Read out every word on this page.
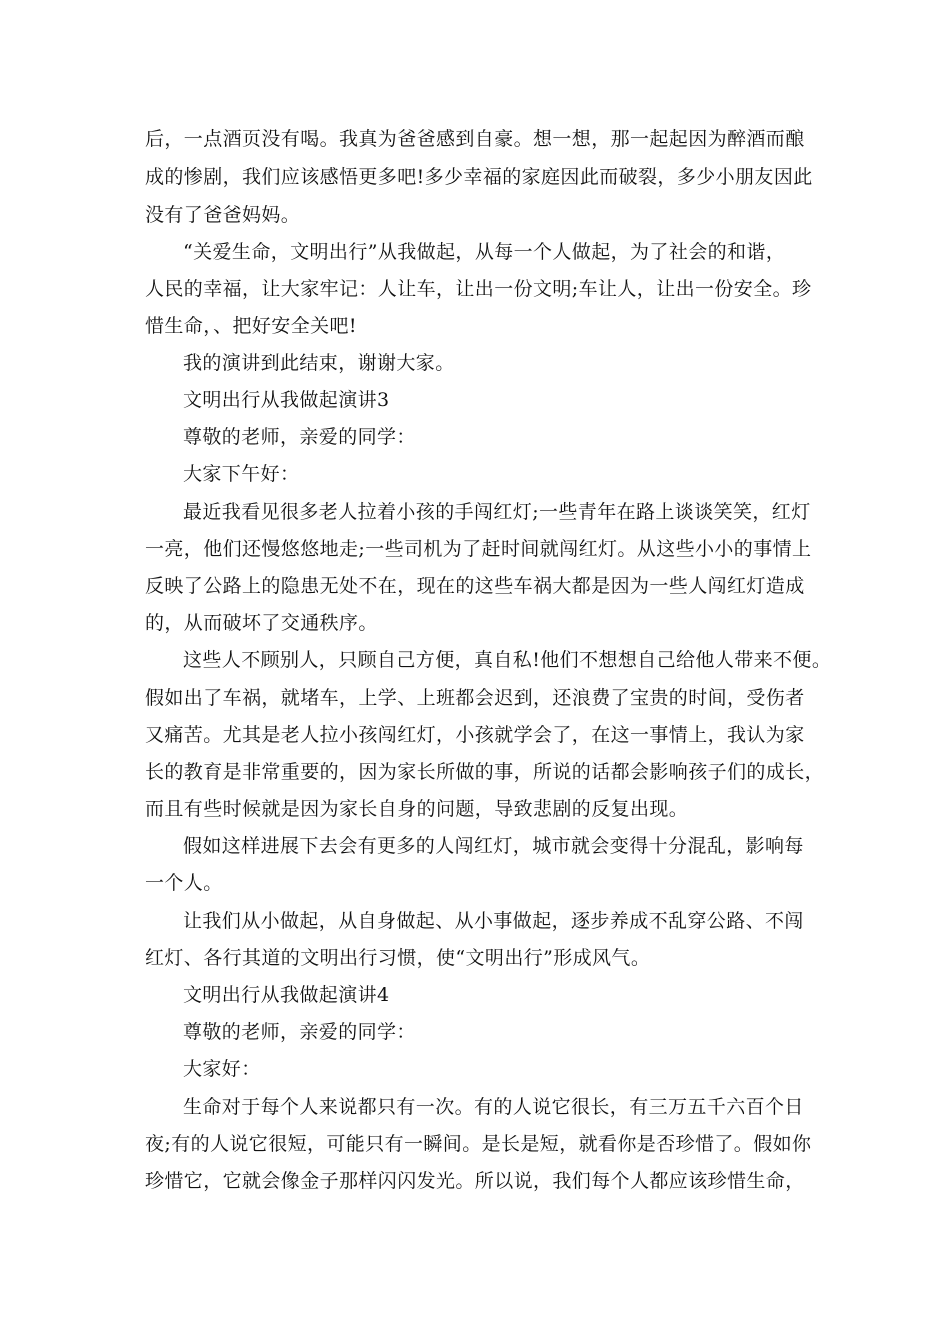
后，一点酒页没有喝。我真为爸爸感到自豪。想一想，那一起起因为醉酒而酿
成的惨剧，我们应该感悟更多吧!多少幸福的家庭因此而破裂，多少小朋友因此
没有了爸爸妈妈。
“关爱生命，文明出行”从我做起，从每一个人做起，为了社会的和谐，
人民的幸福，让大家牢记：人让车，让出一份文明;车让人，让出一份安全。珍
惜生命，、把好安全关吧!
我的演讲到此结束，谢谢大家。
文明出行从我做起演讲3
尊敬的老师，亲爱的同学：
大家下午好：
最近我看见很多老人拉着小孩的手闯红灯;一些青年在路上谈谈笑笑，红灯
一亮，他们还慢悠悠地走;一些司机为了赶时间就闯红灯。从这些小小的事情上
反映了公路上的隐患无处不在，现在的这些车祸大都是因为一些人闯红灯造成
的，从而破坏了交通秩序。
这些人不顾别人，只顾自己方便，真自私!他们不想想自己给他人带来不便。
假如出了车祸，就堵车，上学、上班都会迟到，还浪费了宝贵的时间，受伤者
又痛苦。尤其是老人拉小孩闯红灯，小孩就学会了，在这一事情上，我认为家
长的教育是非常重要的，因为家长所做的事，所说的话都会影响孩子们的成长，
而且有些时候就是因为家长自身的问题，导致悲剧的反复出现。
假如这样进展下去会有更多的人闯红灯，城市就会变得十分混乱，影响每
一个人。
让我们从小做起，从自身做起、从小事做起，逐步养成不乱穿公路、不闯
红灯、各行其道的文明出行习惯，使“文明出行”形成风气。
文明出行从我做起演讲4
尊敬的老师，亲爱的同学：
大家好：
生命对于每个人来说都只有一次。有的人说它很长，有三万五千六百个日
夜;有的人说它很短，可能只有一瞬间。是长是短，就看你是否珍惜了。假如你
珍惜它，它就会像金子那样闪闪发光。所以说，我们每个人都应该珍惜生命，
